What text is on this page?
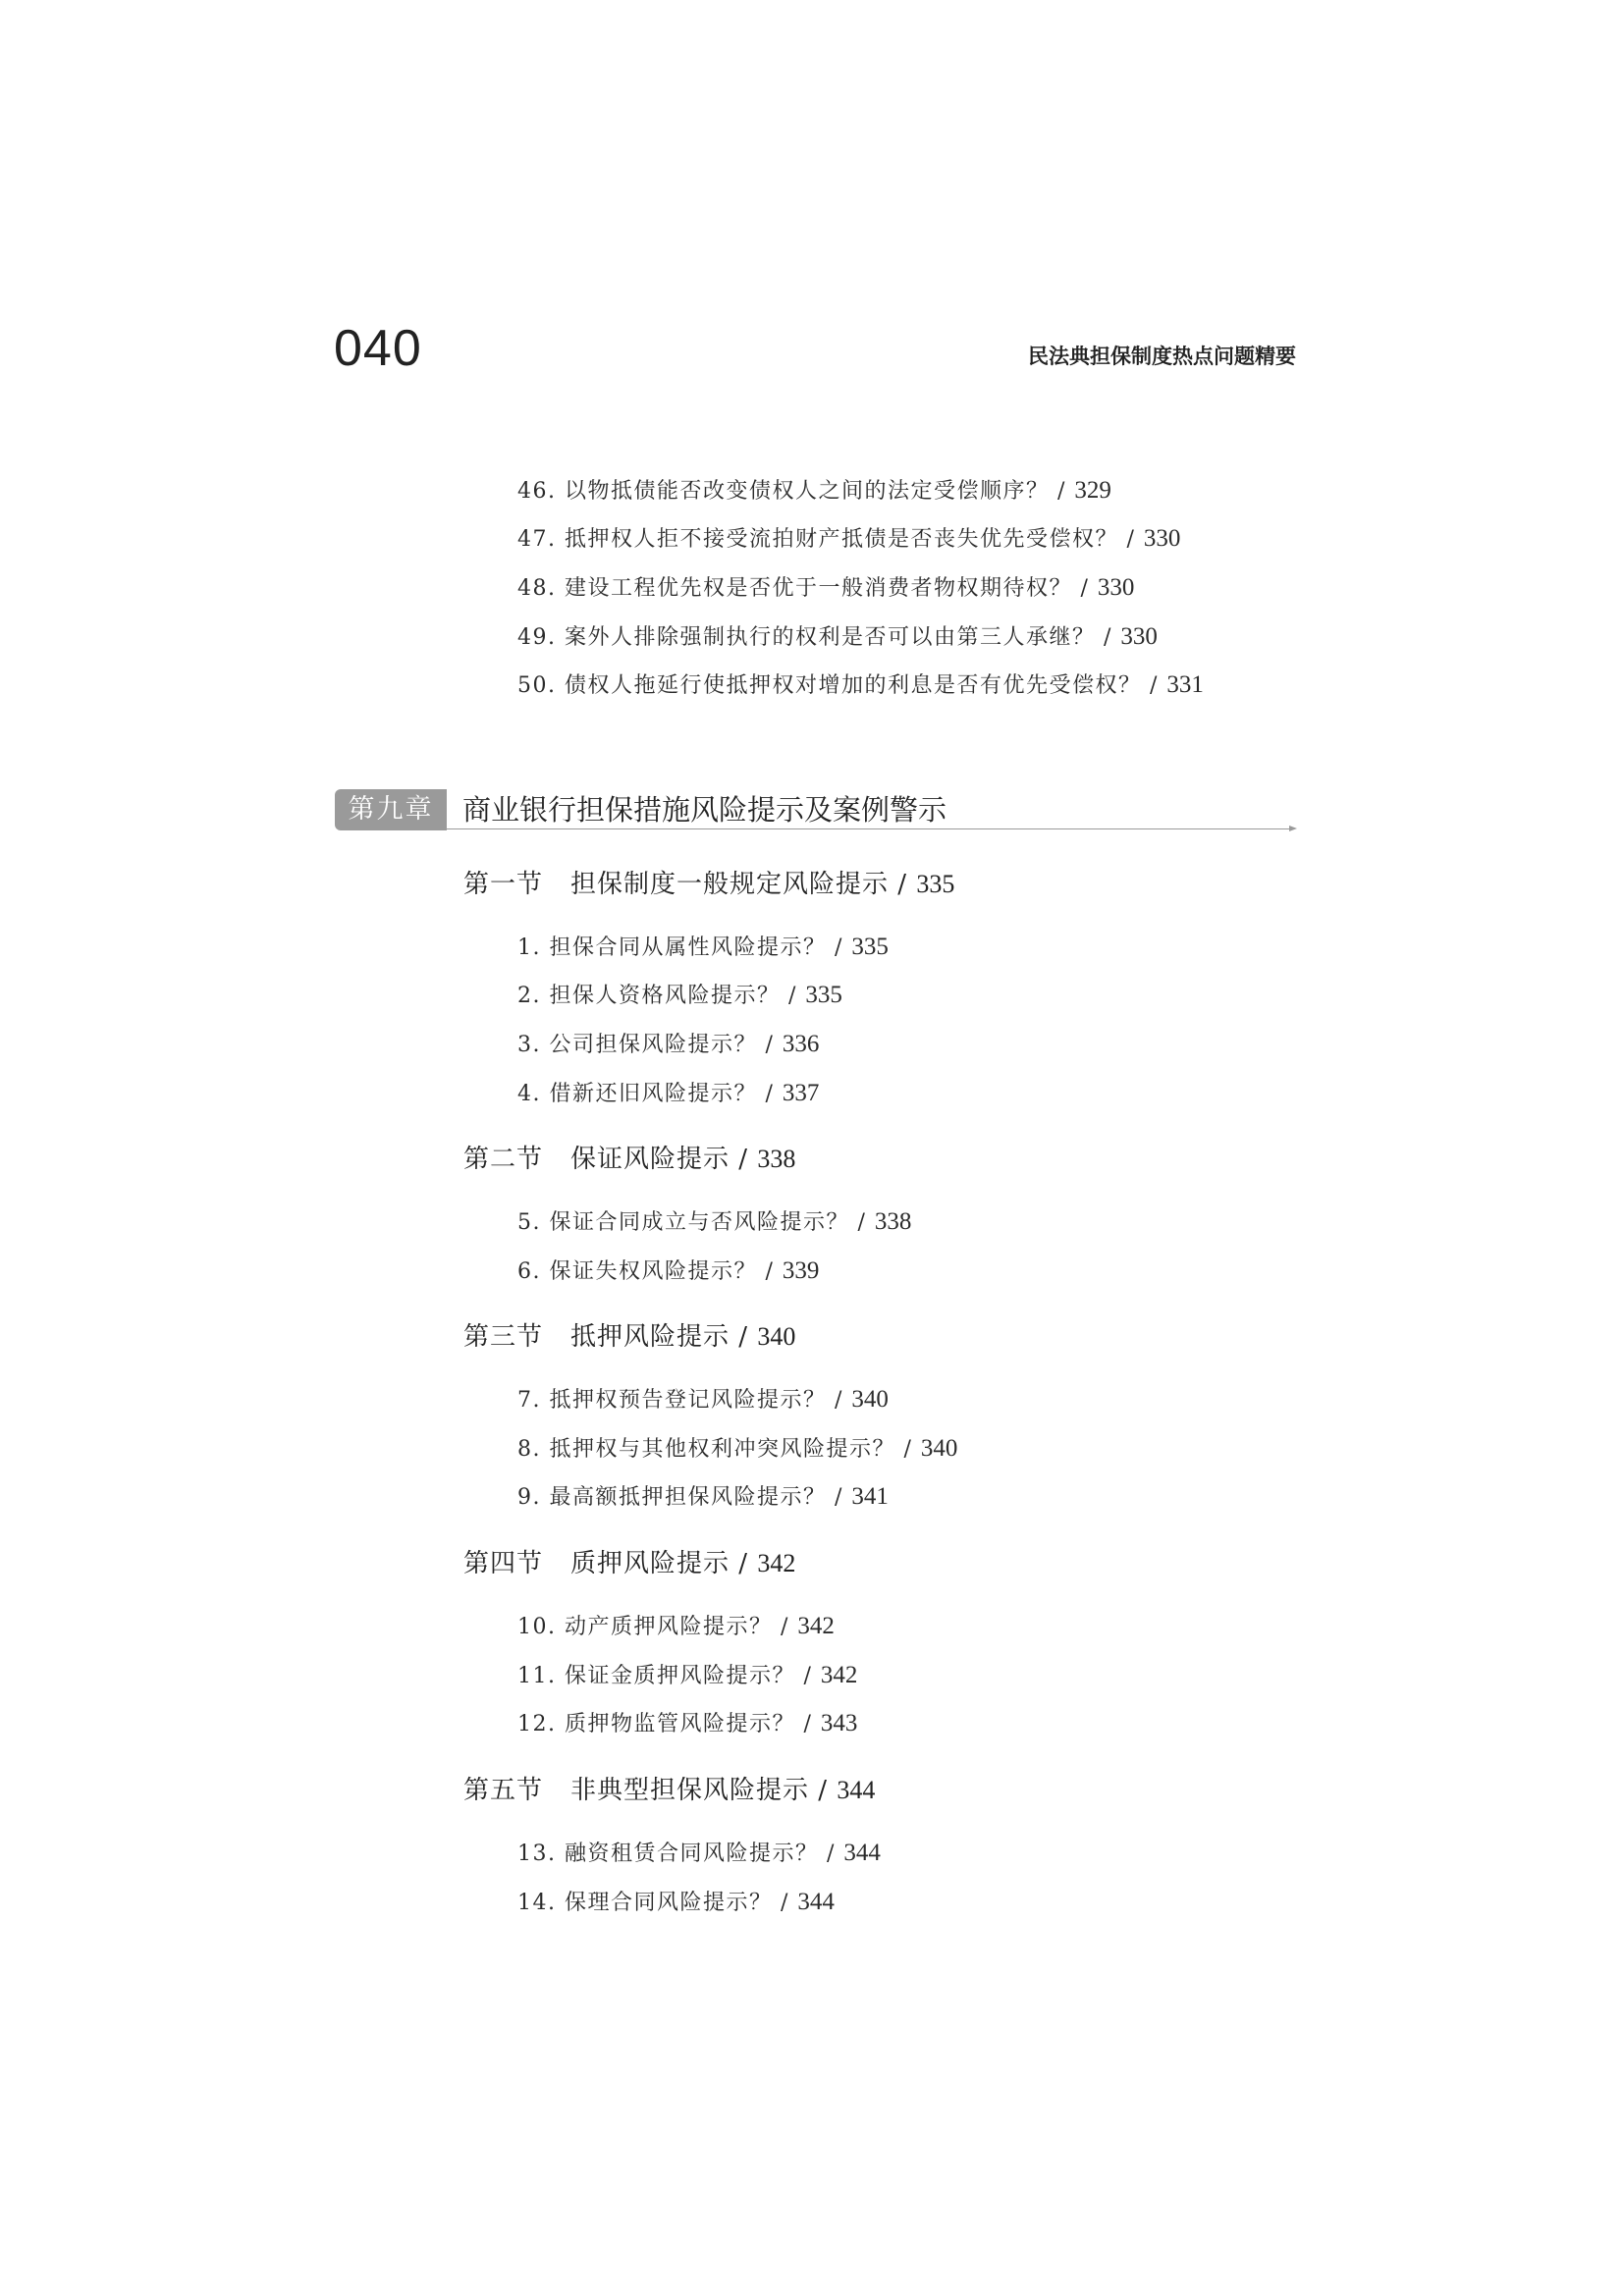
040	民法典担保制度热点问题精要
46. 以物抵债能否改变债权人之间的法定受偿顺序？ / 329
47. 抵押权人拒不接受流拍财产抵债是否丧失优先受偿权？ / 330
48. 建设工程优先权是否优于一般消费者物权期待权？ / 330
49. 案外人排除强制执行的权利是否可以由第三人承继？ / 330
50. 债权人拖延行使抵押权对增加的利息是否有优先受偿权？ / 331
第九章	商业银行担保措施风险提示及案例警示
第一节 担保制度一般规定风险提示 / 335
1. 担保合同从属性风险提示？ / 335
2. 担保人资格风险提示？ / 335
3. 公司担保风险提示？ / 336
4. 借新还旧风险提示？ / 337
第二节 保证风险提示 / 338
5. 保证合同成立与否风险提示？ / 338
6. 保证失权风险提示？ / 339
第三节 抵押风险提示 / 340
7. 抵押权预告登记风险提示？ / 340
8. 抵押权与其他权利冲突风险提示？ / 340
9. 最高额抵押担保风险提示？ / 341
第四节 质押风险提示 / 342
10. 动产质押风险提示？ / 342
11. 保证金质押风险提示？ / 342
12. 质押物监管风险提示？ / 343
第五节 非典型担保风险提示 / 344
13. 融资租赁合同风险提示？ / 344
14. 保理合同风险提示？ / 344
